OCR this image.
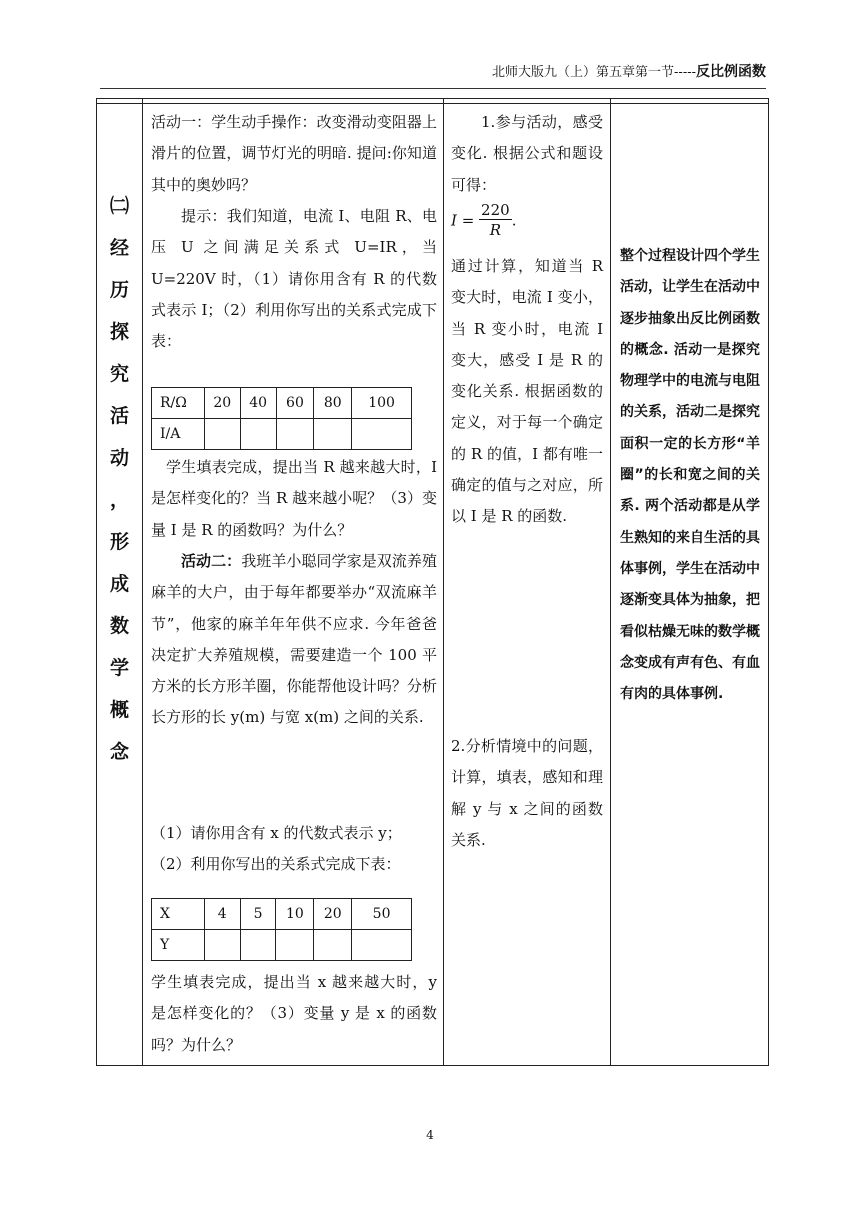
北师大版九（上）第五章第一节-----反比例函数
㈡
经
历
探
究
活
动
，
形
成
数
学
概
念

活动一：学生动手操作：改变滑动变阻器上滑片的位置，调节灯光的明暗. 提问:你知道其中的奥妙吗？

提示：我们知道，电流 I、电阻 R、电压 U 之间满足关系式 U=IR，当 U=220V 时，（1）请你用含有 R 的代数式表示 I；（2）利用你写出的关系式完成下表：

R/Ω	20	40	60	80	100
I/A					

学生填表完成，提出当 R 越来越大时，I 是怎样变化的？当 R 越来越小呢？（3）变量 I 是 R 的函数吗？为什么？

活动二：我班羊小聪同学家是双流养殖麻羊的大户，由于每年都要举办“双流麻羊节”，他家的麻羊年年供不应求. 今年爸爸决定扩大养殖规模，需要建造一个 100 平方米的长方形羊圈，你能帮他设计吗？分析长方形的长 y(m) 与宽 x(m) 之间的关系.

（1）请你用含有 x 的代数式表示 y；

（2）利用你写出的关系式完成下表：

X	4	5	10	20	50
Y					

学生填表完成，提出当 x 越来越大时，y 是怎样变化的？（3）变量 y 是 x 的函数吗？为什么？

1.参与活动，感受变化. 根据公式和题设可得：

$I = \frac{220}{R}$ .

通过计算，知道当 R 变大时，电流 I 变小，当 R 变小时，电流 I 变大，感受 I 是 R 的变化关系. 根据函数的定义，对于每一个确定的 R 的值，I 都有唯一确定的值与之对应，所以 I 是 R 的函数.

2.分析情境中的问题，计算，填表，感知和理解 y 与 x 之间的函数关系.

整个过程设计四个学生活动，让学生在活动中逐步抽象出反比例函数的概念. 活动一是探究物理学中的电流与电阻的关系，活动二是探究面积一定的长方形“羊圈”的长和宽之间的关系. 两个活动都是从学生熟知的来自生活的具体事例，学生在活动中逐渐变具体为抽象，把看似枯燥无味的数学概念变成有声有色、有血有肉的具体事例.

4
